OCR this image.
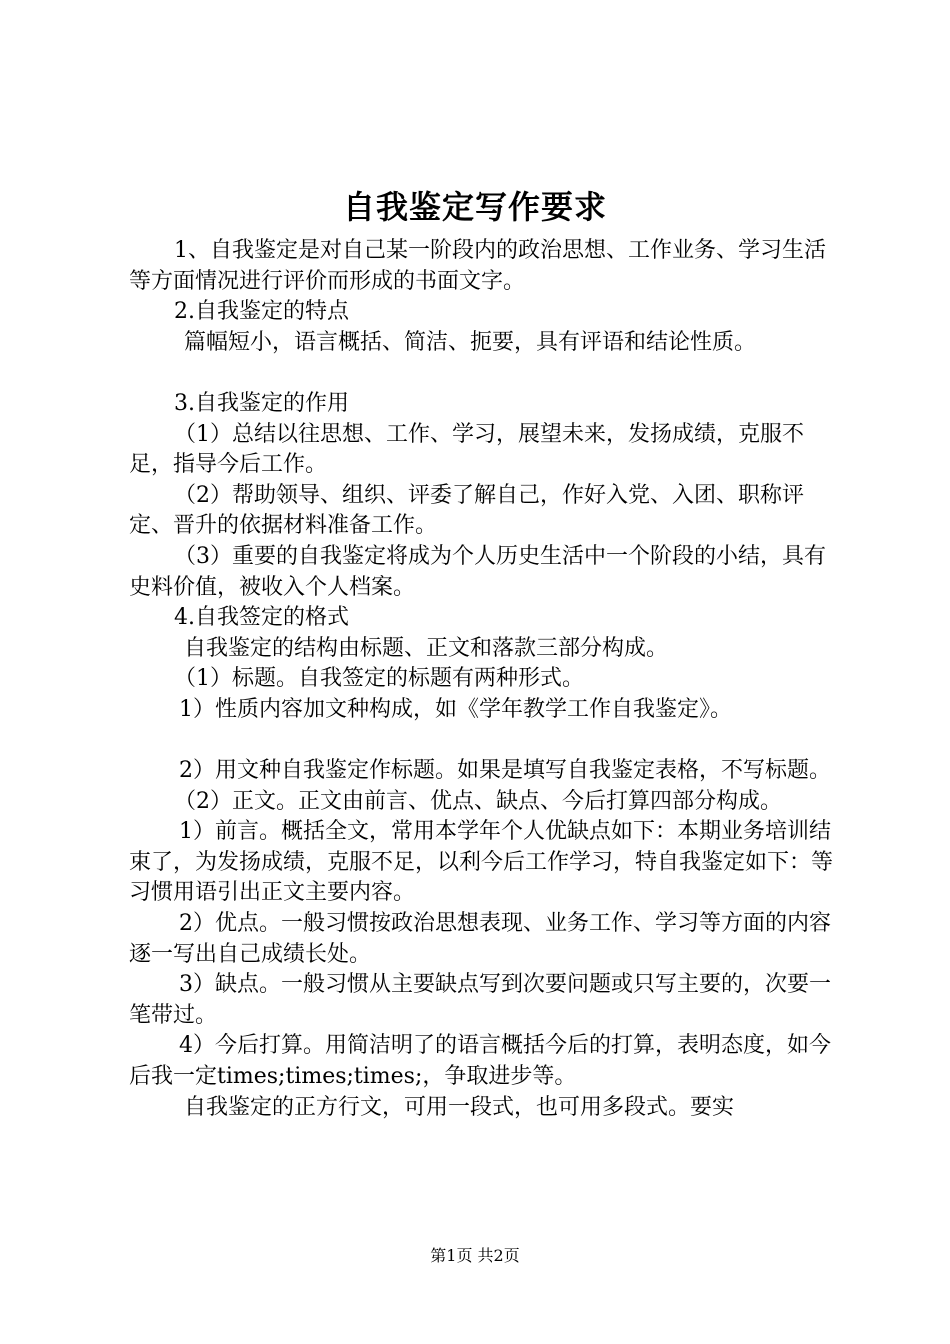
自我鉴定写作要求

1、自我鉴定是对自己某一阶段内的政治思想、工作业务、学习生活等方面情况进行评价而形成的书面文字。

2.自我鉴定的特点

篇幅短小，语言概括、简洁、扼要，具有评语和结论性质。

3.自我鉴定的作用

（1）总结以往思想、工作、学习，展望未来，发扬成绩，克服不足，指导今后工作。

（2）帮助领导、组织、评委了解自己，作好入党、入团、职称评定、晋升的依据材料准备工作。

（3）重要的自我鉴定将成为个人历史生活中一个阶段的小结，具有史料价值，被收入个人档案。

4.自我签定的格式

自我鉴定的结构由标题、正文和落款三部分构成。

（1）标题。自我签定的标题有两种形式。

1）性质内容加文种构成，如《学年教学工作自我鉴定》。

2）用文种自我鉴定作标题。如果是填写自我鉴定表格，不写标题。

（2）正文。正文由前言、优点、缺点、今后打算四部分构成。

1）前言。概括全文，常用本学年个人优缺点如下：本期业务培训结束了，为发扬成绩，克服不足，以利今后工作学习，特自我鉴定如下：等习惯用语引出正文主要内容。

2）优点。一般习惯按政治思想表现、业务工作、学习等方面的内容逐一写出自己成绩长处。

3）缺点。一般习惯从主要缺点写到次要问题或只写主要的，次要一笔带过。

4）今后打算。用简洁明了的语言概括今后的打算，表明态度，如今后我一定times;times;times;，争取进步等。

自我鉴定的正方行文，可用一段式，也可用多段式。要实

第1页 共2页
